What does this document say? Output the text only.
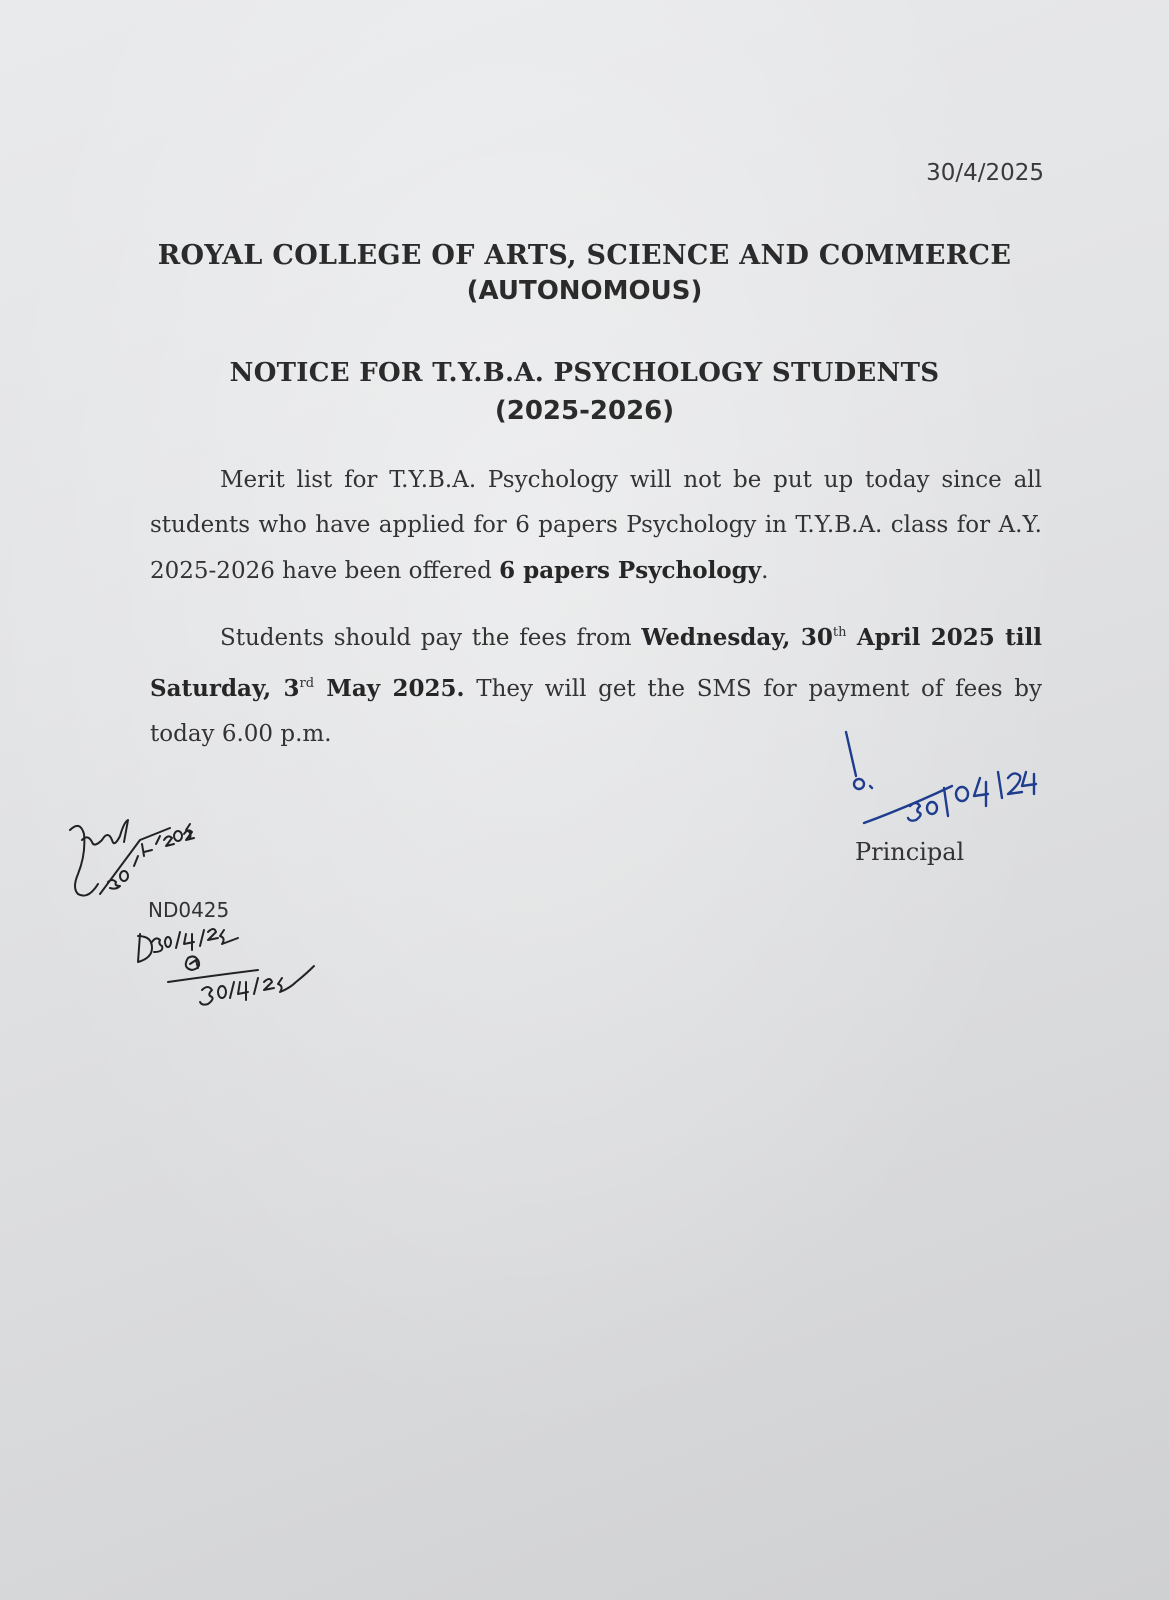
30/4/2025
ROYAL COLLEGE OF ARTS, SCIENCE AND COMMERCE
(AUTONOMOUS)
NOTICE FOR T.Y.B.A. PSYCHOLOGY STUDENTS
(2025-2026)
Merit list for T.Y.B.A. Psychology will not be put up today since all students who have applied for 6 papers Psychology in T.Y.B.A. class for A.Y. 2025-2026 have been offered 6 papers Psychology.
Students should pay the fees from Wednesday, 30th April 2025 till Saturday, 3rd May 2025. They will get the SMS for payment of fees by today 6.00 p.m.
Principal
ND0425
